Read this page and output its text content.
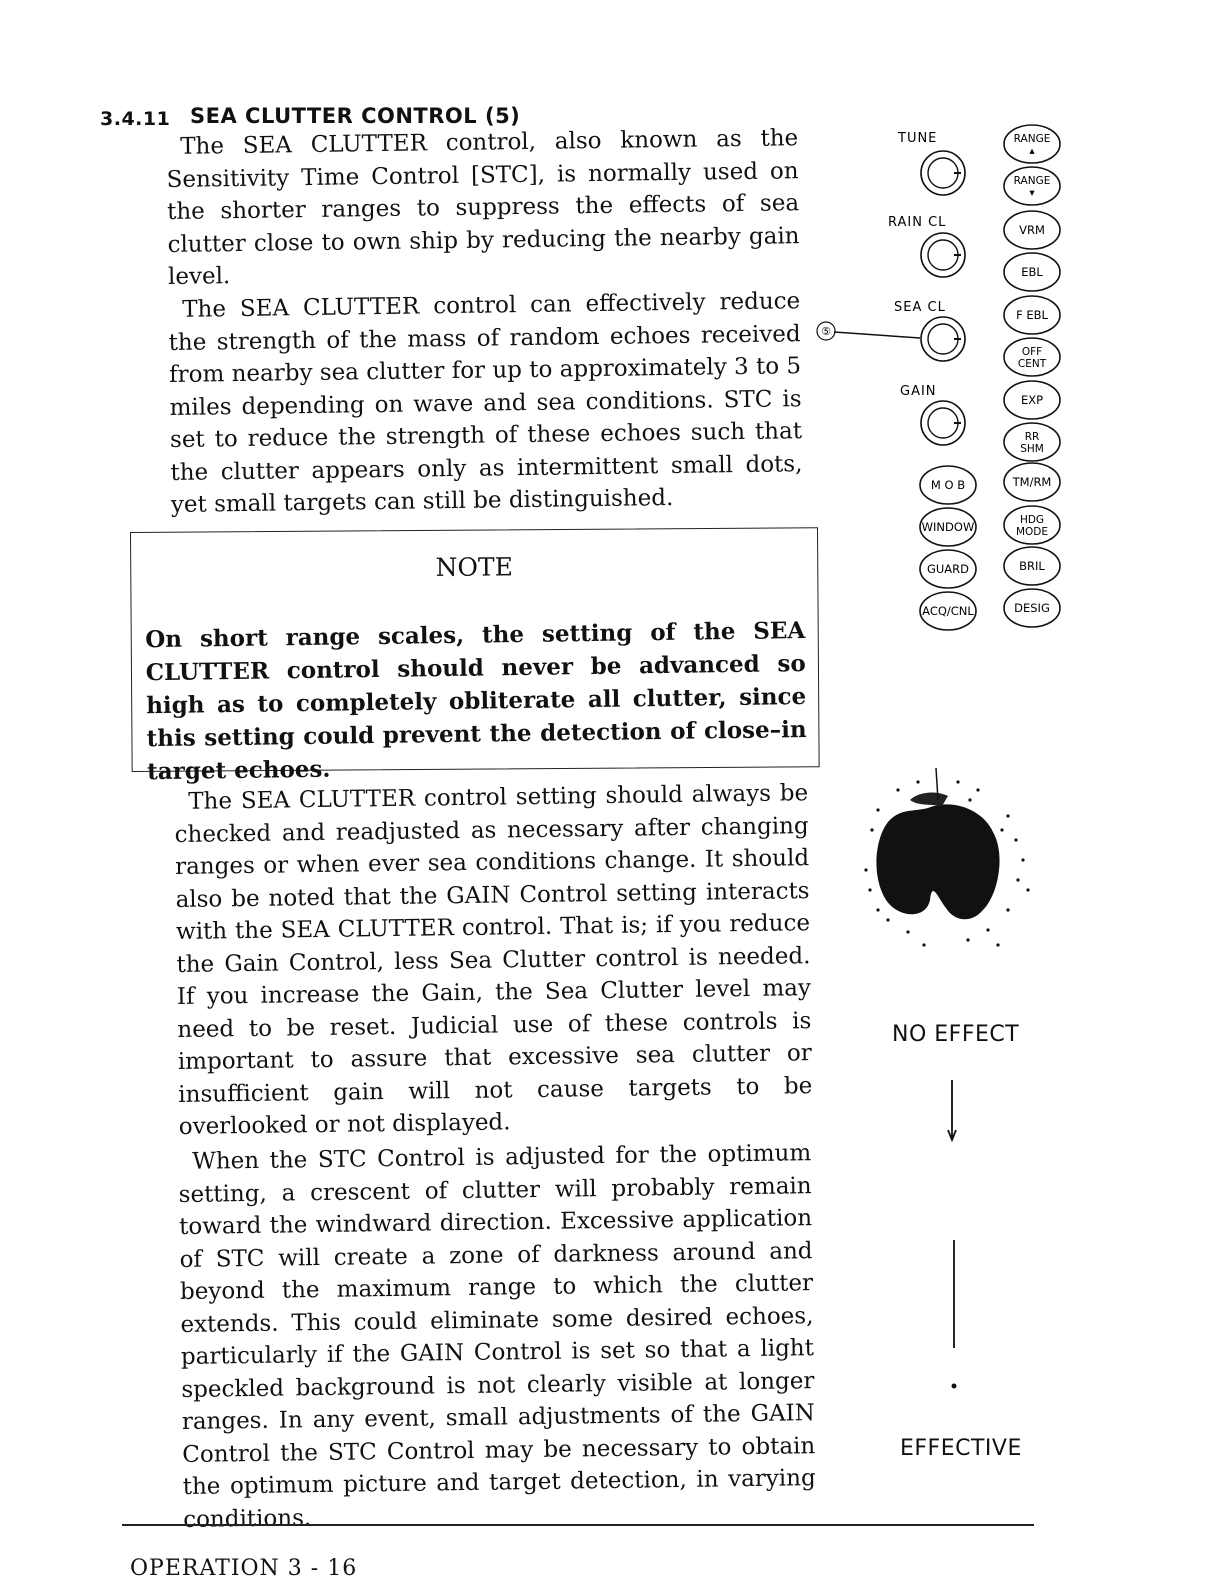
3.4.11 SEA CLUTTER CONTROL (5)
The SEA CLUTTER control, also known as the Sensitivity Time Control [STC], is normally used on the shorter ranges to suppress the effects of sea clutter close to own ship by reducing the nearby gain level.
The SEA CLUTTER control can effectively reduce the strength of the mass of random echoes received from nearby sea clutter for up to approximately 3 to 5 miles depending on wave and sea conditions. STC is set to reduce the strength of these echoes such that the clutter appears only as intermittent small dots, yet small targets can still be distinguished.
NOTE
On short range scales, the setting of the SEA CLUTTER control should never be advanced so high as to completely obliterate all clutter, since this setting could prevent the detection of close–in target echoes.
The SEA CLUTTER control setting should always be checked and readjusted as necessary after changing ranges or when ever sea conditions change. It should also be noted that the GAIN Control setting interacts with the SEA CLUTTER control. That is; if you reduce the Gain Control, less Sea Clutter control is needed. If you increase the Gain, the Sea Clutter level may need to be reset. Judicial use of these controls is important to assure that excessive sea clutter or insufficient gain will not cause targets to be overlooked or not displayed.
When the STC Control is adjusted for the optimum setting, a crescent of clutter will probably remain toward the windward direction. Excessive application of STC will create a zone of darkness around and beyond the maximum range to which the clutter extends. This could eliminate some desired echoes, particularly if the GAIN Control is set so that a light speckled background is not clearly visible at longer ranges. In any event, small adjustments of the GAIN Control the STC Control may be necessary to obtain the optimum picture and target detection, in varying conditions.
TUNE
RAIN CL
SEA CL
GAIN
M O B
WINDOW
GUARD
ACQ/CNL
RANGE
▴
RANGE
▾
VRM
EBL
F EBL
OFF
CENT
EXP
RR
SHM
TM/RM
HDG
MODE
BRIL
DESIG
⑤
NO EFFECT
EFFECTIVE
OPERATION 3 - 16
